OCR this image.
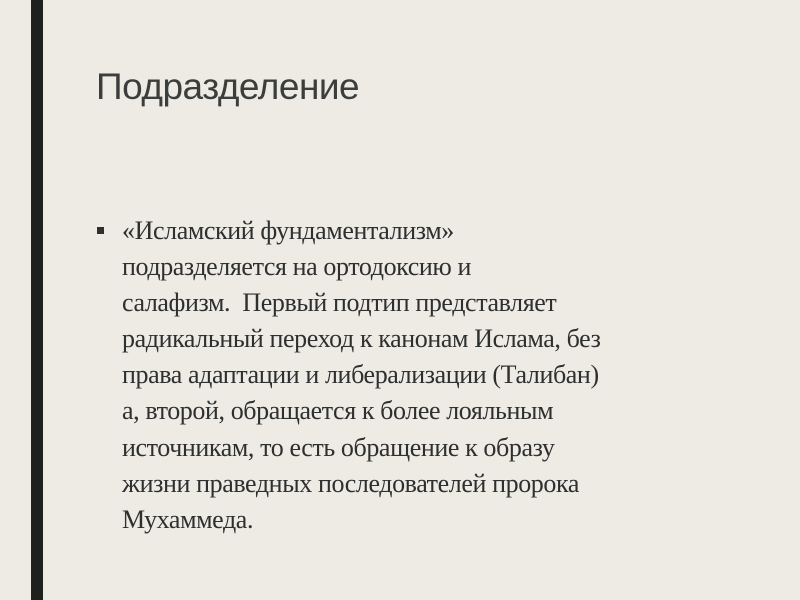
Подразделение
«Исламский фундаментализм»
подразделяется на ортодоксию и
салафизм.  Первый подтип представляет
радикальный переход к канонам Ислама, без
права адаптации и либерализации (Талибан)
а, второй, обращается к более лояльным
источникам, то есть обращение к образу
жизни праведных последователей пророка
Мухаммеда.
